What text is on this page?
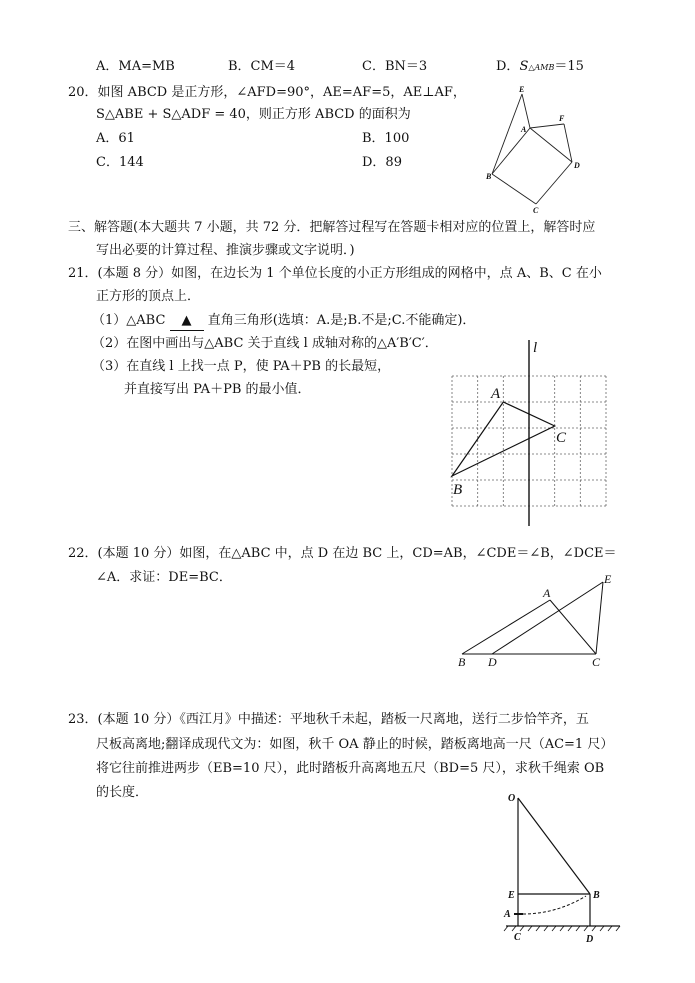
A．MA=MB	B．CM＝4	C．BN＝3	D．S△AMB＝15
20．如图 ABCD 是正方形，∠AFD=90°，AE=AF=5，AE⊥AF，
S△ABE + S△ADF = 40，则正方形 ABCD 的面积为
A．61	B．100
C．144	D．89
E
A
F
B
D
C
三、解答题(本大题共 7 小题，共 72 分．把解答过程写在答题卡相对应的位置上，解答时应
写出必要的计算过程、推演步骤或文字说明．)
21．(本题 8 分）如图，在边长为 1 个单位长度的小正方形组成的网格中，点 A、B、C 在小
正方形的顶点上．
（1）△ABC ▲ 直角三角形(选填：A.是;B.不是;C.不能确定)．
（2）在图中画出与△ABC 关于直线 l 成轴对称的△A′B′C′．
（3）在直线 l 上找一点 P，使 PA＋PB 的长最短，
并直接写出 PA＋PB 的最小值．
l
A
C
B
22．(本题 10 分）如图，在△ABC 中，点 D 在边 BC 上，CD=AB，∠CDE＝∠B，∠DCE＝
∠A．求证：DE=BC．	E
A
B D	C
23．(本题 10 分）《西江月》中描述：平地秋千未起，踏板一尺离地，送行二步恰竿齐，五
尺板高离地;翻译成现代文为：如图，秋千 OA 静止的时候，踏板离地高一尺（AC=1 尺）
将它往前推进两步（EB=10 尺），此时踏板升高离地五尺（BD=5 尺），求秋千绳索 OB
的长度．	O
E	B
A
C	D
